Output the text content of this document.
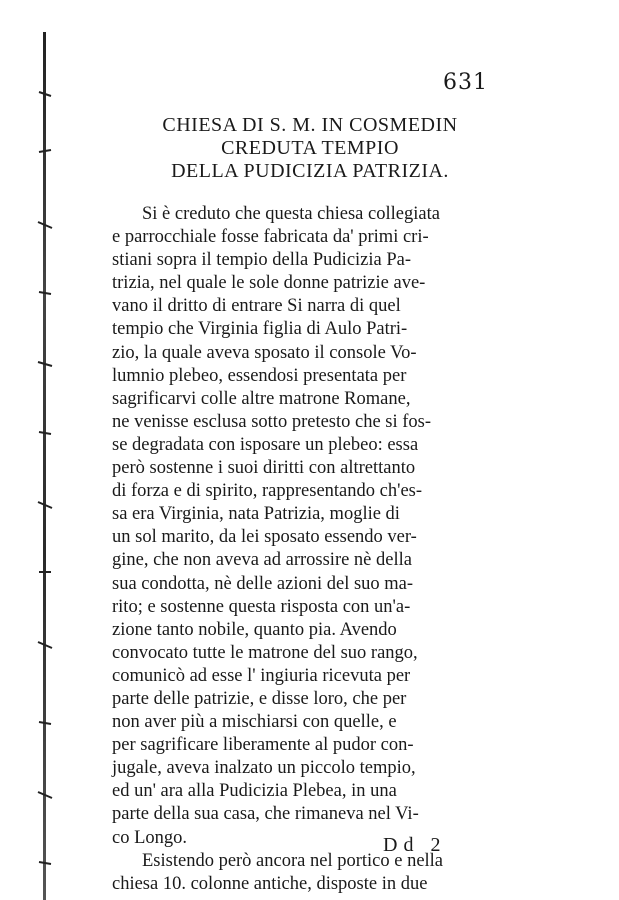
631
CHIESA DI S. M. IN COSMEDIN
CREDUTA TEMPIO
DELLA PUDICIZIA PATRIZIA.
Si è creduto che questa chiesa collegiata
e parrocchiale fosse fabricata da' primi cri-
stiani sopra il tempio della Pudicizia Pa-
trizia, nel quale le sole donne patrizie ave-
vano il dritto di entrare Si narra di quel
tempio che Virginia figlia di Aulo Patri-
zio, la quale aveva sposato il console Vo-
lumnio plebeo, essendosi presentata per
sagrificarvi colle altre matrone Romane,
ne venisse esclusa sotto pretesto che si fos-
se degradata con isposare un plebeo: essa
però sostenne i suoi diritti con altrettanto
di forza e di spirito, rappresentando ch'es-
sa era Virginia, nata Patrizia, moglie di
un sol marito, da lei sposato essendo ver-
gine, che non aveva ad arrossire nè della
sua condotta, nè delle azioni del suo ma-
rito; e sostenne questa risposta con un'a-
zione tanto nobile, quanto pia. Avendo
convocato tutte le matrone del suo rango,
comunicò ad esse l' ingiuria ricevuta per
parte delle patrizie, e disse loro, che per
non aver più a mischiarsi con quelle, e
per sagrificare liberamente al pudor con-
jugale, aveva inalzato un piccolo tempio,
ed un' ara alla Pudicizia Plebea, in una
parte della sua casa, che rimaneva nel Vi-
co Longo.
Esistendo però ancora nel portico e nella
chiesa 10. colonne antiche, disposte in due
Dd 2
